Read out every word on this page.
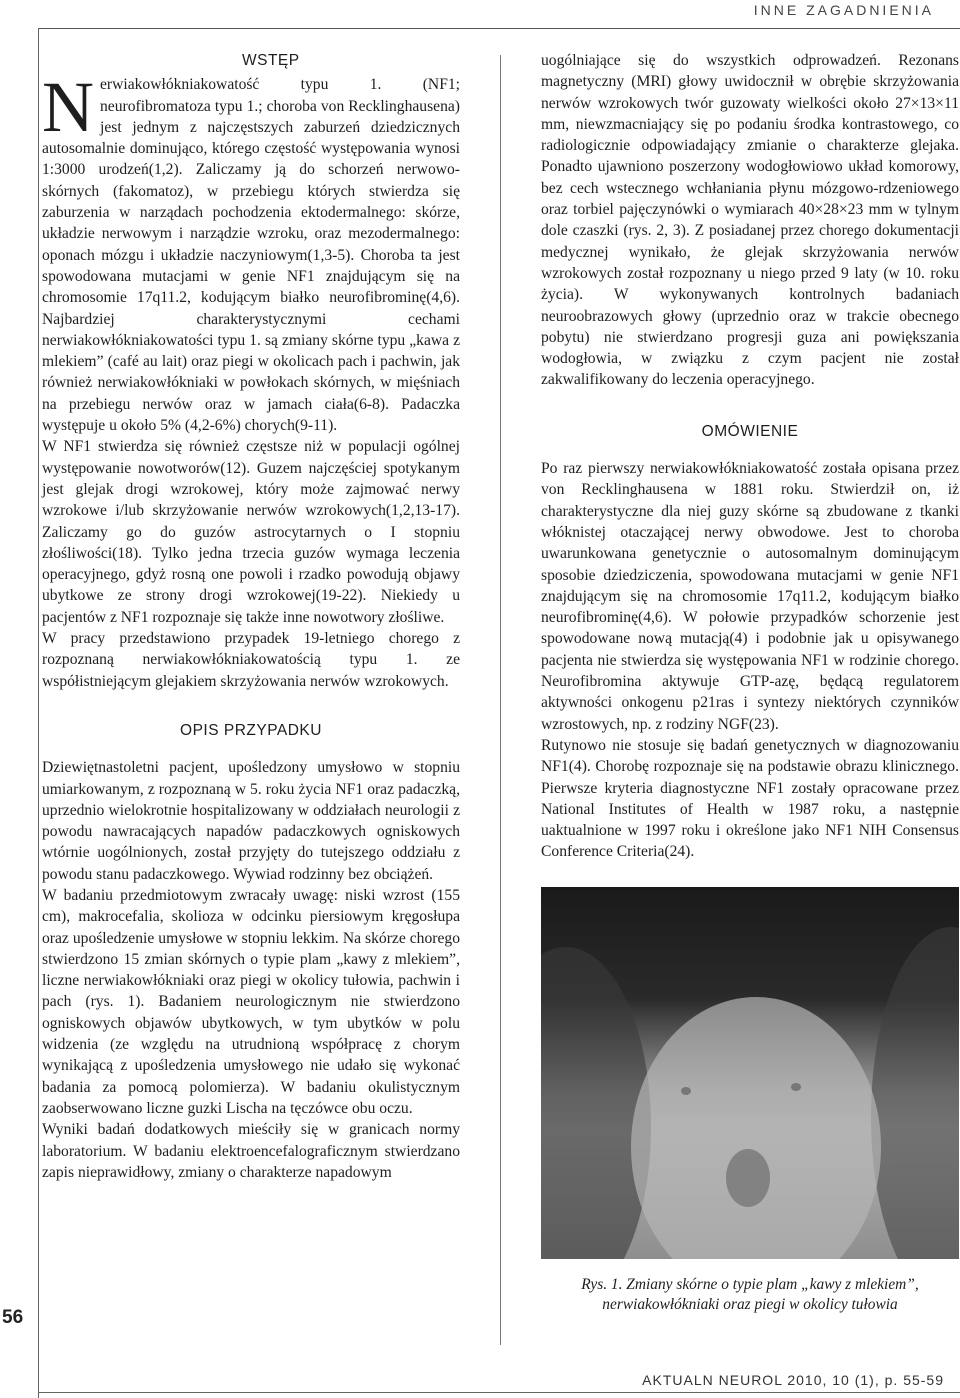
INNE ZAGADNIENIA
56
WSTĘP

Nerwiakowłókniakowatość typu 1. (NF1; neurofibromatoza typu 1.; choroba von Recklinghausena) jest jednym z najczęstszych zaburzeń dziedzicznych autosomalnie dominująco, którego częstość występowania wynosi 1:3000 urodzeń(1,2). Zaliczamy ją do schorzeń nerwowo-skórnych (fakomatoz), w przebiegu których stwierdza się zaburzenia w narządach pochodzenia ektodermalnego: skórze, układzie nerwowym i narządzie wzroku, oraz mezodermalnego: oponach mózgu i układzie naczyniowym(1,3-5). Choroba ta jest spowodowana mutacjami w genie NF1 znajdującym się na chromosomie 17q11.2, kodującym białko neurofibrominę(4,6). Najbardziej charakterystycznymi cechami nerwiakowłókniakowatości typu 1. są zmiany skórne typu „kawa z mlekiem” (café au lait) oraz piegi w okolicach pach i pachwin, jak również nerwiakowłókniaki w powłokach skórnych, w mięśniach na przebiegu nerwów oraz w jamach ciała(6-8). Padaczka występuje u około 5% (4,2-6%) chorych(9-11).

W NF1 stwierdza się również częstsze niż w populacji ogólnej występowanie nowotworów(12). Guzem najczęściej spotykanym jest glejak drogi wzrokowej, który może zajmować nerwy wzrokowe i/lub skrzyżowanie nerwów wzrokowych(1,2,13-17). Zaliczamy go do guzów astrocytarnych o I stopniu złośliwości(18). Tylko jedna trzecia guzów wymaga leczenia operacyjnego, gdyż rosną one powoli i rzadko powodują objawy ubytkowe ze strony drogi wzrokowej(19-22). Niekiedy u pacjentów z NF1 rozpoznaje się także inne nowotwory złośliwe.

W pracy przedstawiono przypadek 19-letniego chorego z rozpoznaną nerwiakowłókniakowatością typu 1. ze współistniejącym glejakiem skrzyżowania nerwów wzrokowych.

OPIS PRZYPADKU

Dziewiętnastoletni pacjent, upośledzony umysłowo w stopniu umiarkowanym, z rozpoznaną w 5. roku życia NF1 oraz padaczką, uprzednio wielokrotnie hospitalizowany w oddziałach neurologii z powodu nawracających napadów padaczkowych ogniskowych wtórnie uogólnionych, został przyjęty do tutejszego oddziału z powodu stanu padaczkowego. Wywiad rodzinny bez obciążeń.

W badaniu przedmiotowym zwracały uwagę: niski wzrost (155 cm), makrocefalia, skolioza w odcinku piersiowym kręgosłupa oraz upośledzenie umysłowe w stopniu lekkim. Na skórze chorego stwierdzono 15 zmian skórnych o typie plam „kawy z mlekiem”, liczne nerwiakowłókniaki oraz piegi w okolicy tułowia, pachwin i pach (rys. 1). Badaniem neurologicznym nie stwierdzono ogniskowych objawów ubytkowych, w tym ubytków w polu widzenia (ze względu na utrudnioną współpracę z chorym wynikającą z upośledzenia umysłowego nie udało się wykonać badania za pomocą polomierza). W badaniu okulistycznym zaobserwowano liczne guzki Lischa na tęczówce obu oczu.

Wyniki badań dodatkowych mieściły się w granicach normy laboratorium. W badaniu elektroencefalograficznym stwierdzano zapis nieprawidłowy, zmiany o charakterze napadowym

uogólniające się do wszystkich odprowadzeń. Rezonans magnetyczny (MRI) głowy uwidocznił w obrębie skrzyżowania nerwów wzrokowych twór guzowaty wielkości około 27×13×11 mm, niewzmacniający się po podaniu środka kontrastowego, co radiologicznie odpowiadający zmianie o charakterze glejaka. Ponadto ujawniono poszerzony wodogłowiowo układ komorowy, bez cech wstecznego wchłaniania płynu mózgowo-rdzeniowego oraz torbiel pajęczynówki o wymiarach 40×28×23 mm w tylnym dole czaszki (rys. 2, 3). Z posiadanej przez chorego dokumentacji medycznej wynikało, że glejak skrzyżowania nerwów wzrokowych został rozpoznany u niego przed 9 laty (w 10. roku życia). W wykonywanych kontrolnych badaniach neuroobrazowych głowy (uprzednio oraz w trakcie obecnego pobytu) nie stwierdzano progresji guza ani powiększania wodogłowia, w związku z czym pacjent nie został zakwalifikowany do leczenia operacyjnego.

OMÓWIENIE

Po raz pierwszy nerwiakowłókniakowatość została opisana przez von Recklinghausena w 1881 roku. Stwierdził on, iż charakterystyczne dla niej guzy skórne są zbudowane z tkanki włóknistej otaczającej nerwy obwodowe. Jest to choroba uwarunkowana genetycznie o autosomalnym dominującym sposobie dziedziczenia, spowodowana mutacjami w genie NF1 znajdującym się na chromosomie 17q11.2, kodującym białko neurofibrominę(4,6). W połowie przypadków schorzenie jest spowodowane nową mutacją(4) i podobnie jak u opisywanego pacjenta nie stwierdza się występowania NF1 w rodzinie chorego. Neurofibromina aktywuje GTP-azę, będącą regulatorem aktywności onkogenu p21ras i syntezy niektórych czynników wzrostowych, np. z rodziny NGF(23).

Rutynowo nie stosuje się badań genetycznych w diagnozowaniu NF1(4). Chorobę rozpoznaje się na podstawie obrazu klinicznego. Pierwsze kryteria diagnostyczne NF1 zostały opracowane przez National Institutes of Health w 1987 roku, a następnie uaktualnione w 1997 roku i określone jako NF1 NIH Consensus Conference Criteria(24).

Rys. 1. Zmiany skórne o typie plam „kawy z mlekiem”, nerwiakowłókniaki oraz piegi w okolicy tułowia
AKTUALN NEUROL 2010, 10 (1), p. 55-59
